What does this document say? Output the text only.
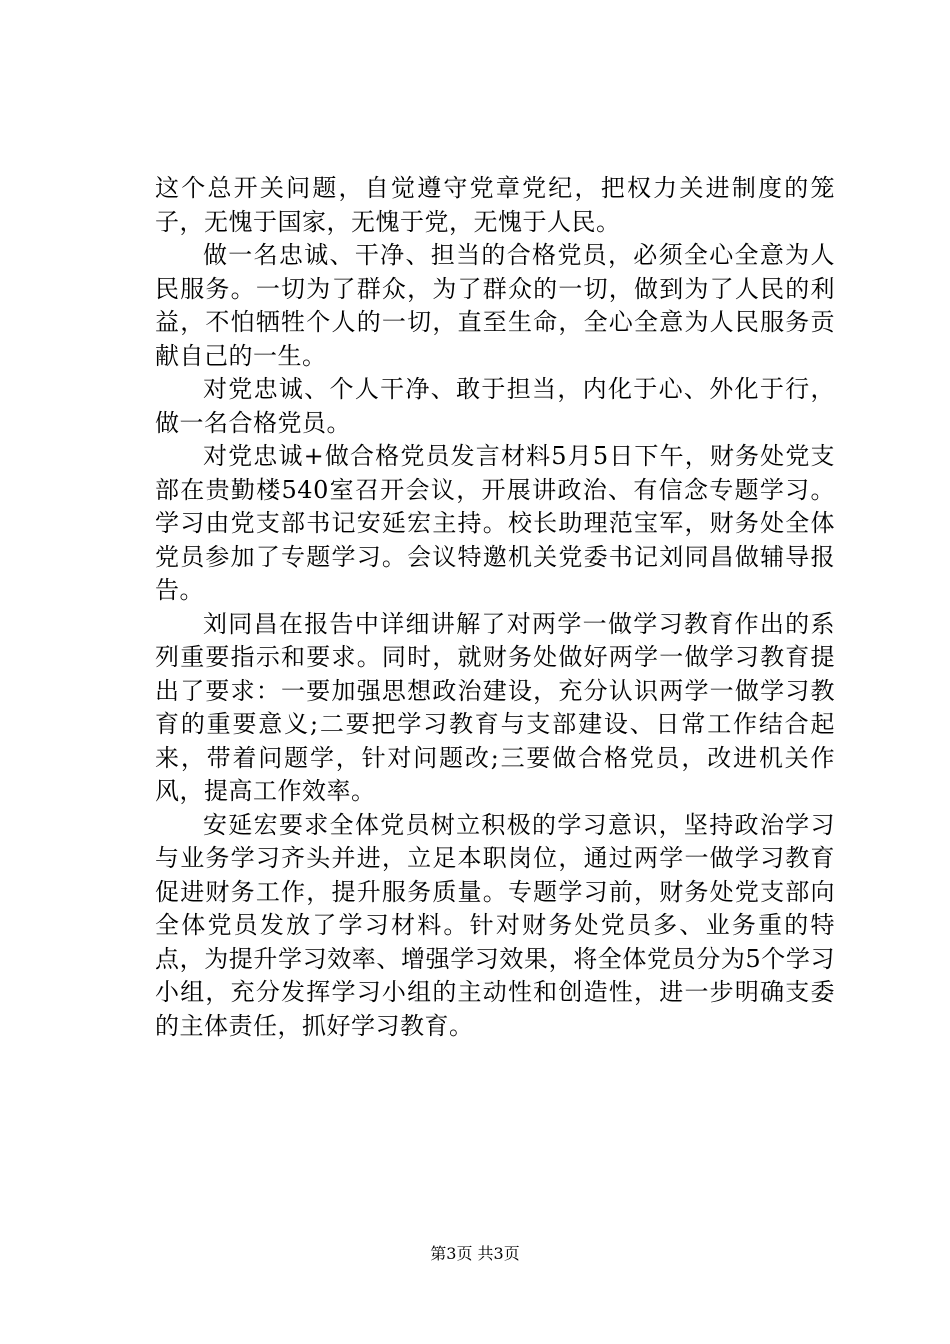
这个总开关问题，自觉遵守党章党纪，把权力关进制度的笼子，无愧于国家，无愧于党，无愧于人民。

做一名忠诚、干净、担当的合格党员，必须全心全意为人民服务。一切为了群众，为了群众的一切，做到为了人民的利益，不怕牺牲个人的一切，直至生命，全心全意为人民服务贡献自己的一生。

对党忠诚、个人干净、敢于担当，内化于心、外化于行，做一名合格党员。

对党忠诚+做合格党员发言材料5月5日下午，财务处党支部在贵勤楼540室召开会议，开展讲政治、有信念专题学习。学习由党支部书记安延宏主持。校长助理范宝军，财务处全体党员参加了专题学习。会议特邀机关党委书记刘同昌做辅导报告。

刘同昌在报告中详细讲解了对两学一做学习教育作出的系列重要指示和要求。同时，就财务处做好两学一做学习教育提出了要求：一要加强思想政治建设，充分认识两学一做学习教育的重要意义;二要把学习教育与支部建设、日常工作结合起来，带着问题学，针对问题改;三要做合格党员，改进机关作风，提高工作效率。

安延宏要求全体党员树立积极的学习意识，坚持政治学习与业务学习齐头并进，立足本职岗位，通过两学一做学习教育促进财务工作，提升服务质量。专题学习前，财务处党支部向全体党员发放了学习材料。针对财务处党员多、业务重的特点，为提升学习效率、增强学习效果，将全体党员分为5个学习小组，充分发挥学习小组的主动性和创造性，进一步明确支委的主体责任，抓好学习教育。

第3页 共3页
